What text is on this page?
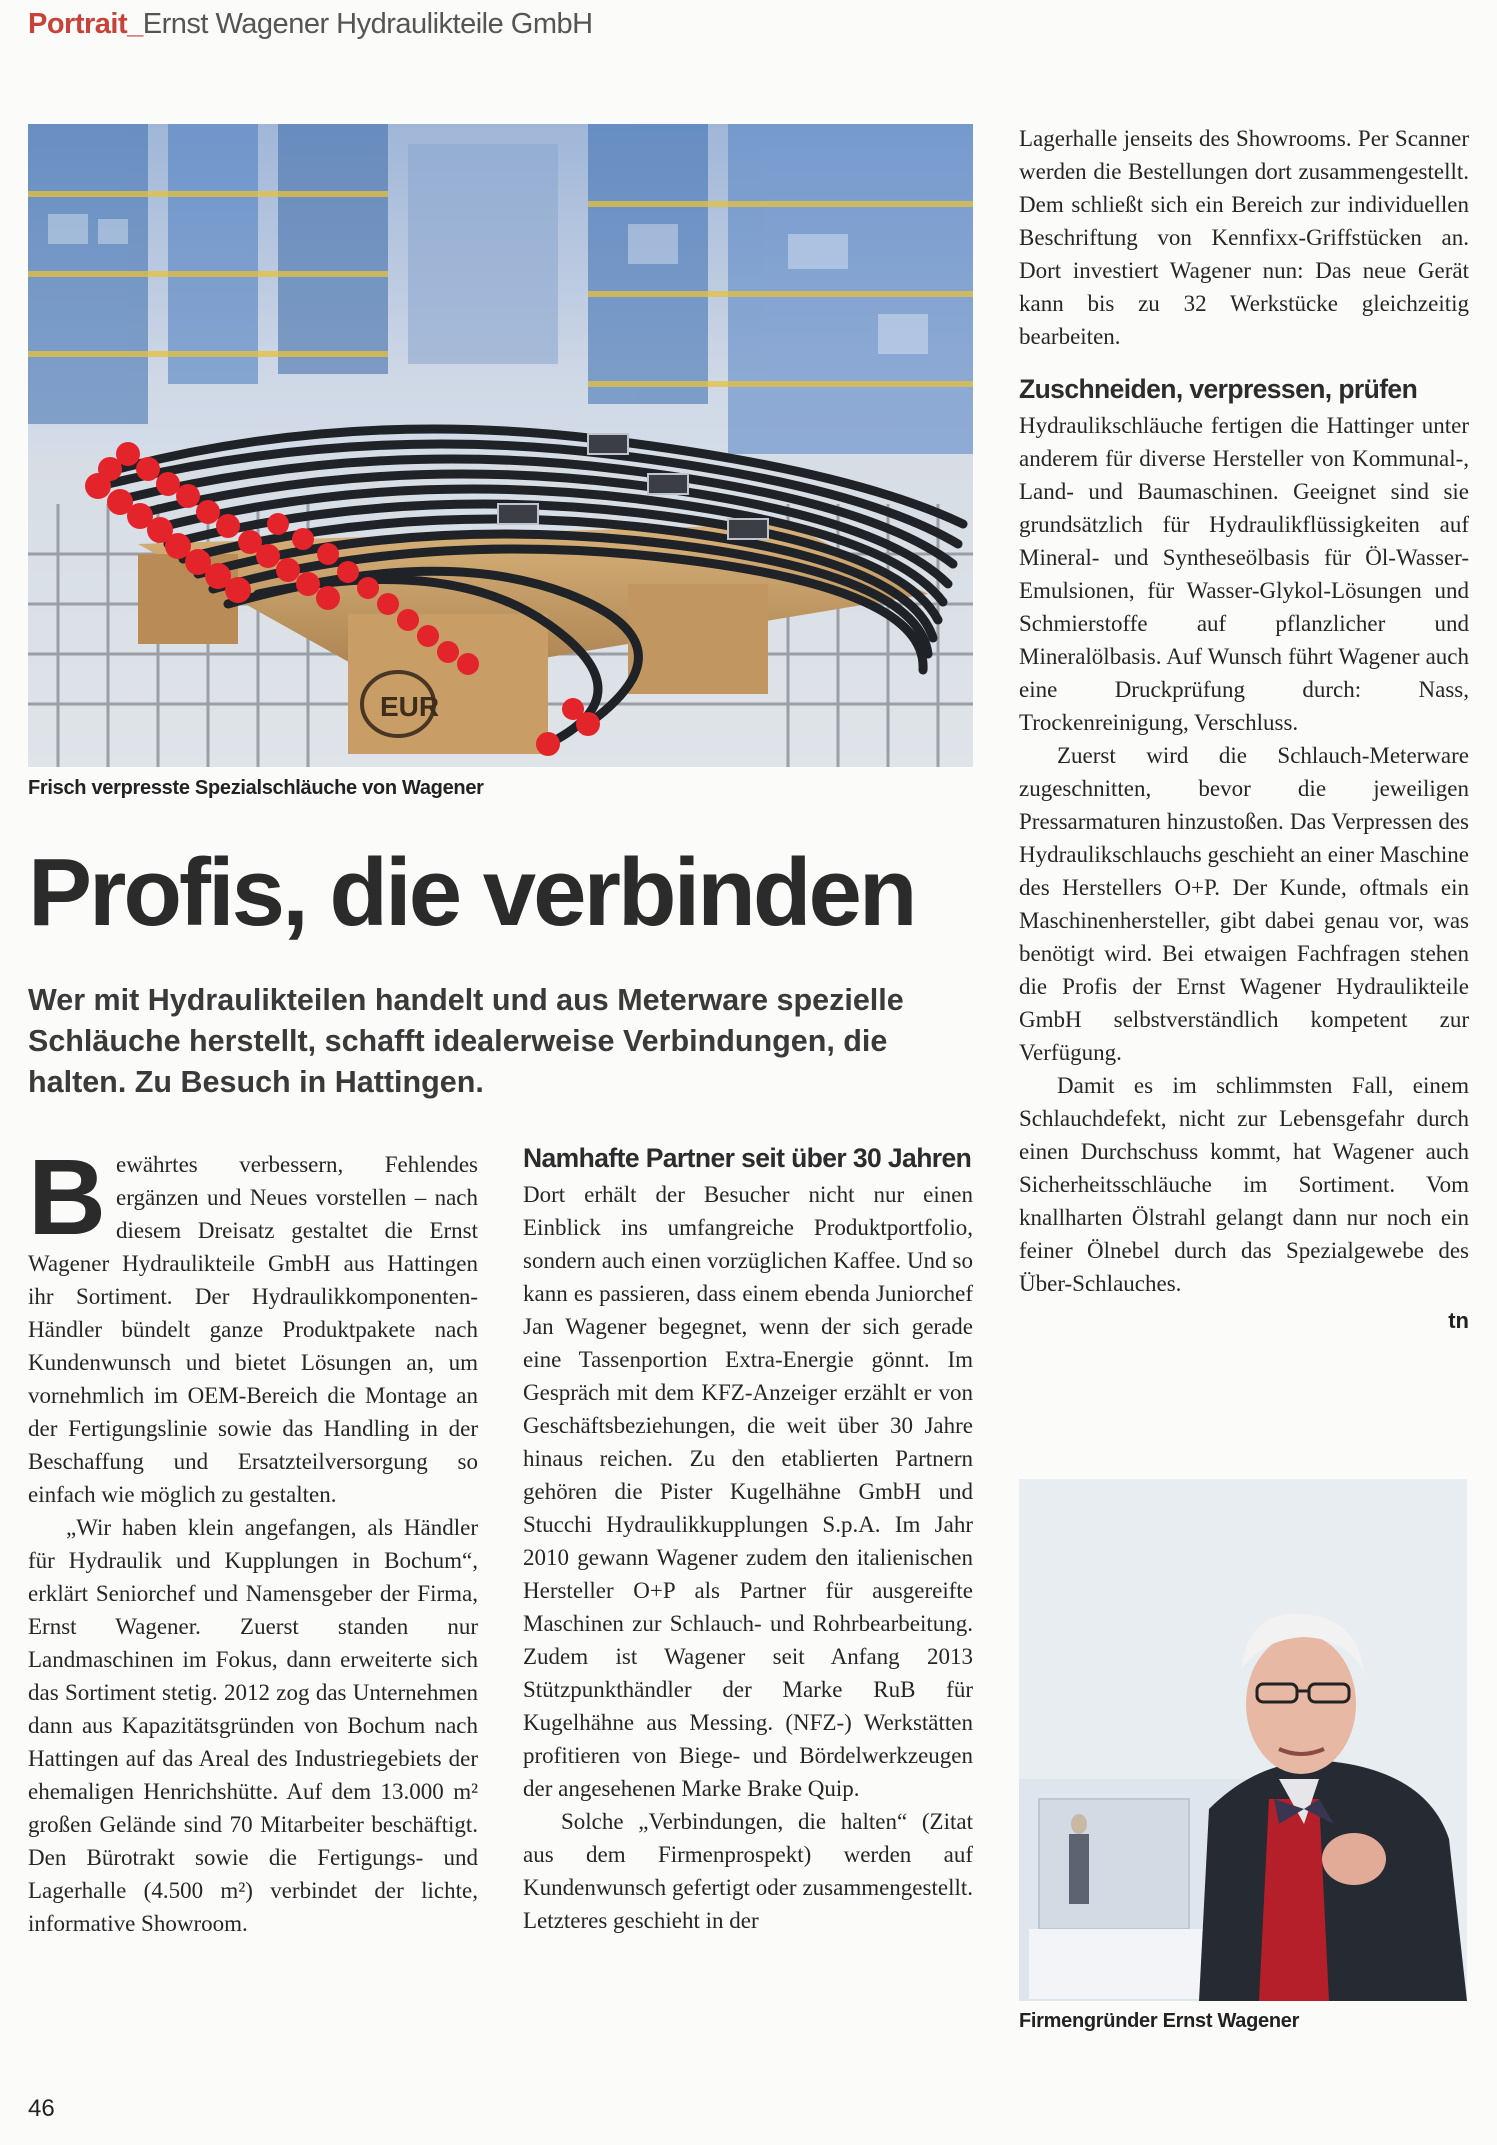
Portrait_Ernst Wagener Hydraulikteile GmbH
EUR
Frisch verpresste Spezialschläuche von Wagener
Profis, die verbinden
Wer mit Hydraulikteilen handelt und aus Meterware spezielle Schläuche herstellt, schafft idealerweise Verbindungen, die halten. Zu Besuch in Hattingen.

Bewährtes verbessern, Fehlendes ergänzen und Neues vorstellen – nach diesem Dreisatz gestaltet die Ernst Wagener Hydraulikteile GmbH aus Hattingen ihr Sortiment. Der Hydraulikkomponenten-Händler bündelt ganze Produktpakete nach Kundenwunsch und bietet Lösungen an, um vornehmlich im OEM-Bereich die Montage an der Fertigungslinie sowie das Handling in der Beschaffung und Ersatzteilversorgung so einfach wie möglich zu gestalten.

„Wir haben klein angefangen, als Händler für Hydraulik und Kupplungen in Bochum“, erklärt Seniorchef und Namensgeber der Firma, Ernst Wagener. Zuerst standen nur Landmaschinen im Fokus, dann erweiterte sich das Sortiment stetig. 2012 zog das Unternehmen dann aus Kapazitätsgründen von Bochum nach Hattingen auf das Areal des Industriegebiets der ehemaligen Henrichshütte. Auf dem 13.000 m² großen Gelände sind 70 Mitarbeiter beschäftigt. Den Bürotrakt sowie die Fertigungs- und Lagerhalle (4.500 m²) verbindet der lichte, informative Showroom.

Namhafte Partner seit über 30 Jahren

Dort erhält der Besucher nicht nur einen Einblick ins umfangreiche Produktportfolio, sondern auch einen vorzüglichen Kaffee. Und so kann es passieren, dass einem ebenda Juniorchef Jan Wagener begegnet, wenn der sich gerade eine Tassenportion Extra-Energie gönnt. Im Gespräch mit dem KFZ-Anzeiger erzählt er von Geschäftsbeziehungen, die weit über 30 Jahre hinaus reichen. Zu den etablierten Partnern gehören die Pister Kugelhähne GmbH und Stucchi Hydraulikkupplungen S.p.A. Im Jahr 2010 gewann Wagener zudem den italienischen Hersteller O+P als Partner für ausgereifte Maschinen zur Schlauch- und Rohrbearbeitung. Zudem ist Wagener seit Anfang 2013 Stützpunkthändler der Marke RuB für Kugelhähne aus Messing. (NFZ-) Werkstätten profitieren von Biege- und Bördelwerkzeugen der angesehenen Marke Brake Quip.

Solche „Verbindungen, die halten“ (Zitat aus dem Firmenprospekt) werden auf Kundenwunsch gefertigt oder zusammengestellt. Letzteres geschieht in der

Lagerhalle jenseits des Showrooms. Per Scanner werden die Bestellungen dort zusammengestellt. Dem schließt sich ein Bereich zur individuellen Beschriftung von Kennfixx-Griffstücken an. Dort investiert Wagener nun: Das neue Gerät kann bis zu 32 Werkstücke gleichzeitig bearbeiten.

Zuschneiden, verpressen, prüfen

Hydraulikschläuche fertigen die Hattinger unter anderem für diverse Hersteller von Kommunal-, Land- und Baumaschinen. Geeignet sind sie grundsätzlich für Hydraulikflüssigkeiten auf Mineral- und Syntheseölbasis für Öl-Wasser-Emulsionen, für Wasser-Glykol-Lösungen und Schmierstoffe auf pflanzlicher und Mineralölbasis. Auf Wunsch führt Wagener auch eine Druckprüfung durch: Nass, Trockenreinigung, Verschluss.

Zuerst wird die Schlauch-Meterware zugeschnitten, bevor die jeweiligen Pressarmaturen hinzustoßen. Das Verpressen des Hydraulikschlauchs geschieht an einer Maschine des Herstellers O+P. Der Kunde, oftmals ein Maschinenhersteller, gibt dabei genau vor, was benötigt wird. Bei etwaigen Fachfragen stehen die Profis der Ernst Wagener Hydraulikteile GmbH selbstverständlich kompetent zur Verfügung.

Damit es im schlimmsten Fall, einem Schlauchdefekt, nicht zur Lebensgefahr durch einen Durchschuss kommt, hat Wagener auch Sicherheitsschläuche im Sortiment. Vom knallharten Ölstrahl gelangt dann nur noch ein feiner Ölnebel durch das Spezialgewebe des Über-Schlauches.

tn
Firmengründer Ernst Wagener
46
